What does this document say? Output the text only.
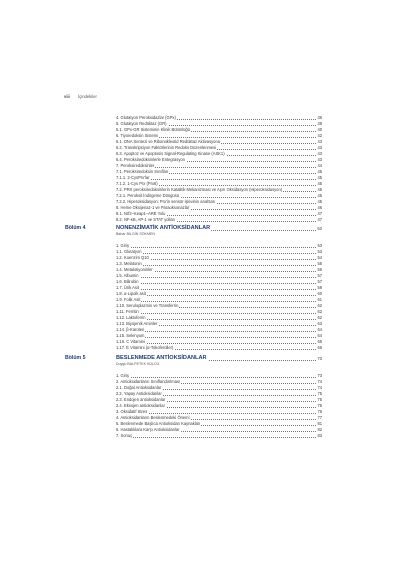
viii İçindekiler
4. Glutatyon Peroksidazlar (GPx)	36
5. Glutatyon Redüktaz (GR)	39
5.1. GPx-GR Sisteminin Klinik Bütünlüğü	40
6. Tiyoredoksin Sistemi	42
6.1. DNA Sentezi ve Ribonükleotid Redüktaz Aktivasyonu	43
6.2. Transkripsiyon Faktörlerinin Redoks Düzenlenmesi	43
6.3. Apoptoz ve Apoptosis Signal-Regulating Kinase (ASK1)	43
6.4. Peroksiredoksinlerle Entegrasyon	43
7. Peroksiredoksinler	44
7.1. Peroksiredoksin Sınıfları	45
7.1.1. 2-CysPrx'lar	45
7.1.2. 1-Cys Prx (Prx6)	45
7.2. PRX peroksiredoksinlerin Katalitik Mekanizması ve Aşırı Oksidasyon (Hiperoksidasyon)	45
7.2.1. Peroksit İndirgeme Döngüsü	45
7.2.2. Hiperoksidasyon: Prx'in sensör işlevinin anahtarı	45
8. Heme Oksijenaz-1 ve Paraoksonazlar	46
8.1. Nrf2–Keap1–ARE Yolu	47
8.2. NF-κB, AP-1 ve STAT yolları	47
Bölüm 4	NONENZİMATİK ANTİOKSİDANLAR	53
Bahar BİLGİN SÖKMEN
1. Giriş	53
1.1. Glutatyon	53
1.2. Koenzim Q10	54
1.3. Melatonin	55
1.4. Metalotiyoninler	56
1.5. Albumin	57
1.6. Bilirubin	57
1.7. Ürik Asit	59
1.8. α-Lipoik asit	60
1.9. Folik Asit	61
1.10. Seruloplazmin ve Transferrin	62
1.11. Ferritin	62
1.12. Laktoferrin	62
1.13. Biyojenik Aminler	63
1.14. β-Karoten	64
1.15. Selenyum	64
1.16. C Vitamini	65
1.17. E Vitamini (α-Tokoferoller)	66
Bölüm 5	BESLENMEDE ANTİOKSİDANLAR	73
Duygu BALPETEK KÜLCÜ
1. Giriş	73
2. Antioksidanların Sınıflandırılması	74
2.1. Doğal Antioksidanlar	74
2.2. Yapay Antioksidanlar	75
2.3. Endojen antioksidanlar	75
2.4. Eksojen antioksidanlar	75
3. Oksidatif Stres	76
4. Antioksidanların Beslenmedeki Önemi	77
5. Beslenmede Başlıca Antioksidan Kaynakları	81
6. Hastalıklara Karşı Antioksidanlar	82
7. Sonuç	83
